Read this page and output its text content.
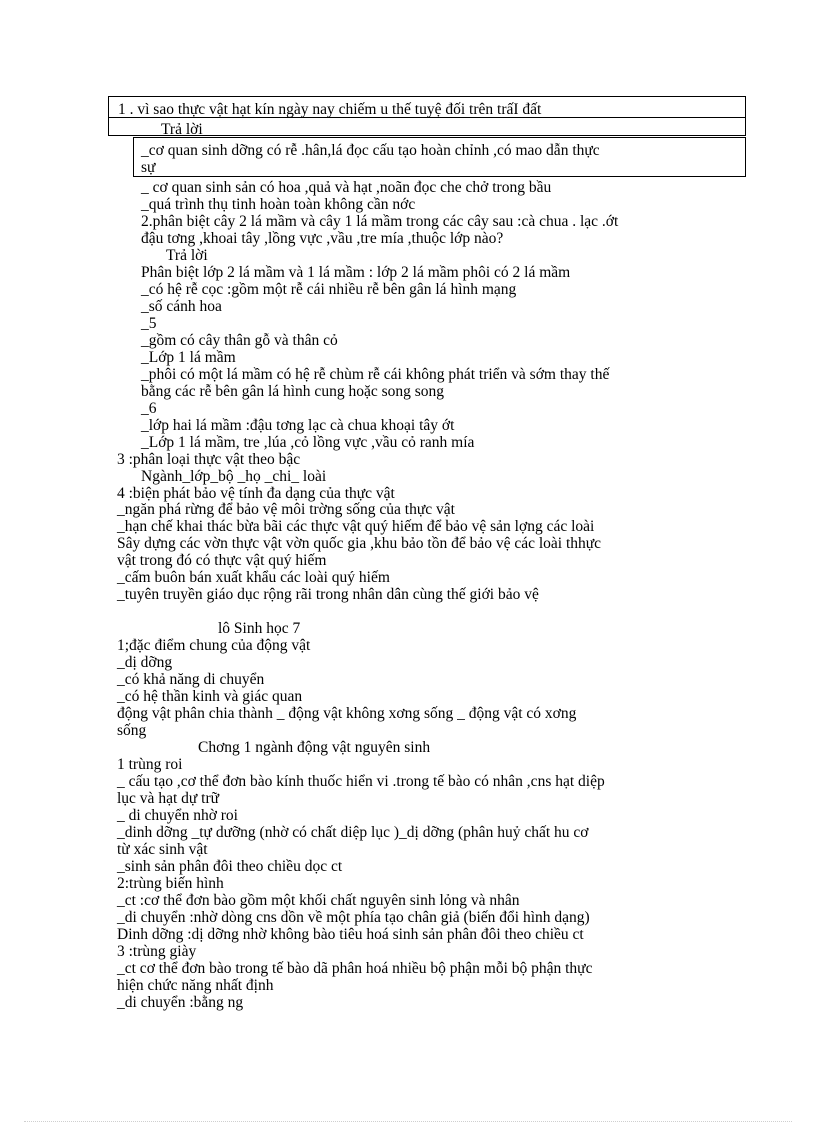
1 . vì sao thực vật hạt kín ngày nay chiếm u thế tuyệ đối trên trấI đất
Trả lời
_cơ quan sinh dỡng có rễ .hân,lá đọc cấu tạo hoàn chỉnh ,có mao dẫn thực
sự
_ cơ quan sinh sản có hoa ,quả và hạt ,noãn đọc che chở trong bầu
_quá trình thụ tinh hoàn toàn không cần nớc
2.phân biệt cây 2 lá mầm và cây 1 lá mầm trong các cây sau :cà chua . lạc .ớt
đậu tơng ,khoai tây ,lồng vực ,vầu ,tre mía ,thuộc lớp nào?
Trả lời
Phân biệt lớp 2 lá mầm và 1 lá mầm : lớp 2 lá mầm phôi có 2 lá mầm
_có hệ rễ cọc :gồm một rễ cái nhiều rễ bên gân lá hình mạng
_số cánh hoa
_5
_gồm có cây thân gỗ và thân cỏ
_Lớp 1 lá mầm
_phôi có một lá mầm có hệ rễ chùm rễ cái không phát triển và sớm thay thế
bằng các rễ bên gân lá hình cung hoặc song song
_6
_lớp hai lá mầm :đậu tơng lạc cà chua khoại tây ớt
_Lớp 1 lá mầm, tre ,lúa ,cỏ lồng vực ,vầu cỏ ranh mía
3 :phân loại thực vật theo bậc
Ngành_lớp_bộ _họ _chi_ loài
4 :biện phát bảo vệ tính đa dạng của thực vật
_ngăn phá rừng để bảo vệ môi trờng sống của thực vật
_hạn chế khai thác bừa bãi các thực vật quý hiếm để bảo vệ sản lợng các loài
Sây dựng các vờn thực vật vờn quốc gia ,khu bảo tồn để bảo vệ các loài thhực
vật trong đó có thực vật quý hiếm
_cấm buôn bán xuất khẩu các loài quý hiếm
_tuyên truyền giáo dục rộng rãi trong nhân dân cùng thế giới bảo vệ
lô Sinh học 7
1;đặc điểm chung của động vật
_dị dỡng
_có khả năng di chuyển
_có hệ thần kinh và giác quan
động vật phân chia thành _ động vật không xơng sống _ động vật có xơng
sống
Chơng 1 ngành động vật nguyên sinh
1 trùng roi
_ cấu tạo ,cơ thể đơn bào kính thuốc hiển vi .trong tế bào có nhân ,cns hạt diệp
lục và hạt dự trữ
_ di chuyển nhờ roi
_dinh dỡng _tự dưỡng (nhờ có chất diệp lục )_dị dỡng (phân huỷ chất hu cơ
từ xác sinh vật
_sinh sản phân đôi theo chiều dọc ct
2:trùng biến hình
_ct :cơ thể đơn bào gồm một khối chất nguyên sinh lỏng và nhân
_di chuyển :nhờ dòng cns dồn về một phía tạo chân giả (biến đổi hình dạng)
Dinh dỡng :dị dỡng nhờ không bào tiêu hoá sinh sản phân đôi theo chiều ct
3 :trùng giày
_ct cơ thể đơn bào trong tế bào dã phân hoá nhiều bộ phận mỗi bộ phận thực
hiện chức năng nhất định
_di chuyển :bằng ng
